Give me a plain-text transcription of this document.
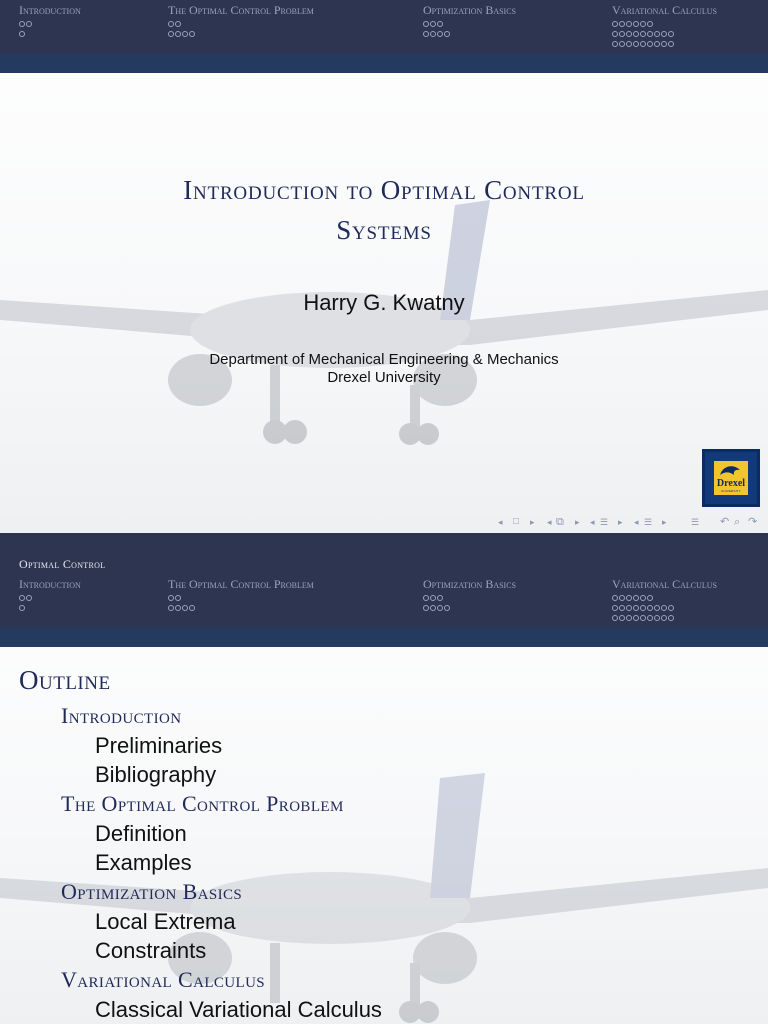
Introduction	The Optimal Control Problem	Optimization Basics	Variational Calculus
Introduction to Optimal Control
Systems
Harry G. Kwatny
Department of Mechanical Engineering & Mechanics
Drexel University
Drexel
UNIVERSITY
◂ □ ▸ ◂ ⧉ ▸ ◂ ☰ ▸ ◂ ☰ ▸	☰ ↶ ⌕ ↷
Optimal Control
Introduction	The Optimal Control Problem	Optimization Basics	Variational Calculus
Outline
Introduction
Preliminaries
Bibliography
The Optimal Control Problem
Definition
Examples
Optimization Basics
Local Extrema
Constraints
Variational Calculus
Classical Variational Calculus
